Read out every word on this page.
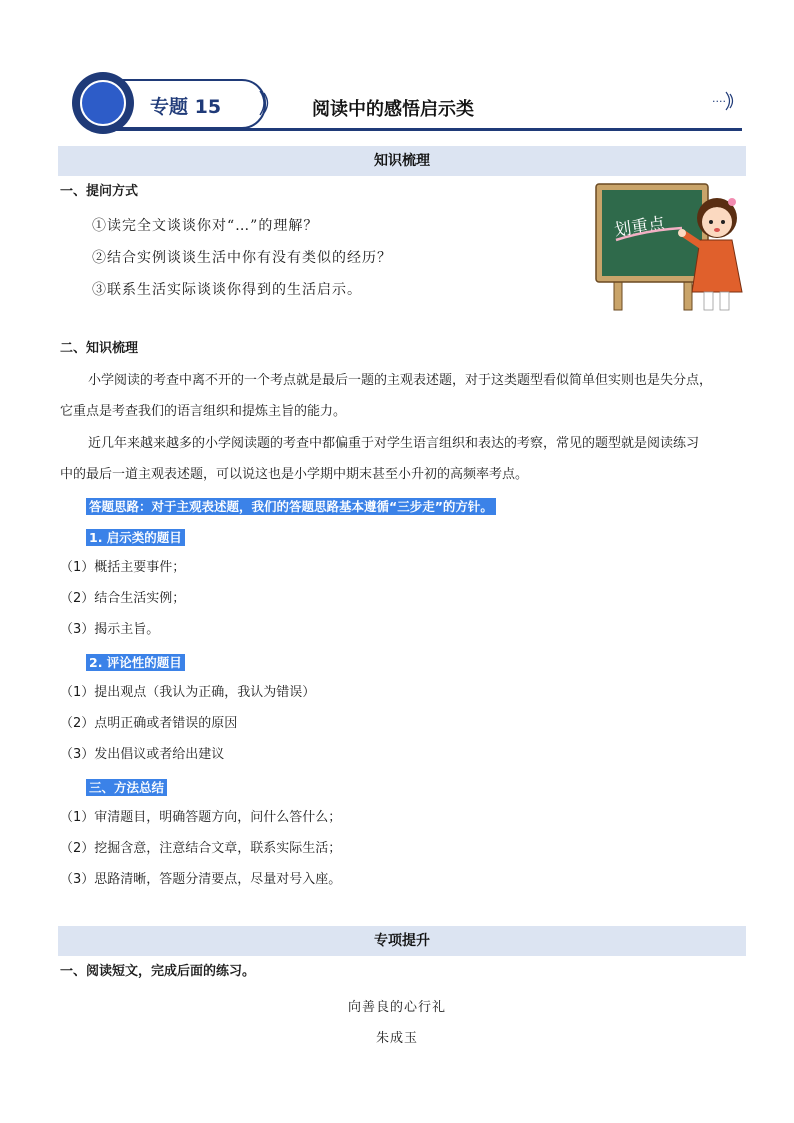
专题 15	阅读中的感悟启示类
....
知识梳理
一、提问方式
①读完全文谈谈你对“…”的理解？
②结合实例谈谈生活中你有没有类似的经历？
③联系生活实际谈谈你得到的生活启示。
划重点
二、知识梳理
小学阅读的考查中离不开的一个考点就是最后一题的主观表述题，对于这类题型看似简单但实则也是失分点，
它重点是考查我们的语言组织和提炼主旨的能力。
近几年来越来越多的小学阅读题的考查中都偏重于对学生语言组织和表达的考察，常见的题型就是阅读练习
中的最后一道主观表述题，可以说这也是小学期中期末甚至小升初的高频率考点。
答题思路：对于主观表述题，我们的答题思路基本遵循“三步走”的方针。
1. 启示类的题目
（1）概括主要事件；
（2）结合生活实例；
（3）揭示主旨。
2. 评论性的题目
（1）提出观点（我认为正确，我认为错误）
（2）点明正确或者错误的原因
（3）发出倡议或者给出建议
三、方法总结
（1）审清题目，明确答题方向，问什么答什么；
（2）挖掘含意，注意结合文章，联系实际生活；
（3）思路清晰，答题分清要点，尽量对号入座。
专项提升
一、阅读短文，完成后面的练习。
向善良的心行礼
朱成玉
